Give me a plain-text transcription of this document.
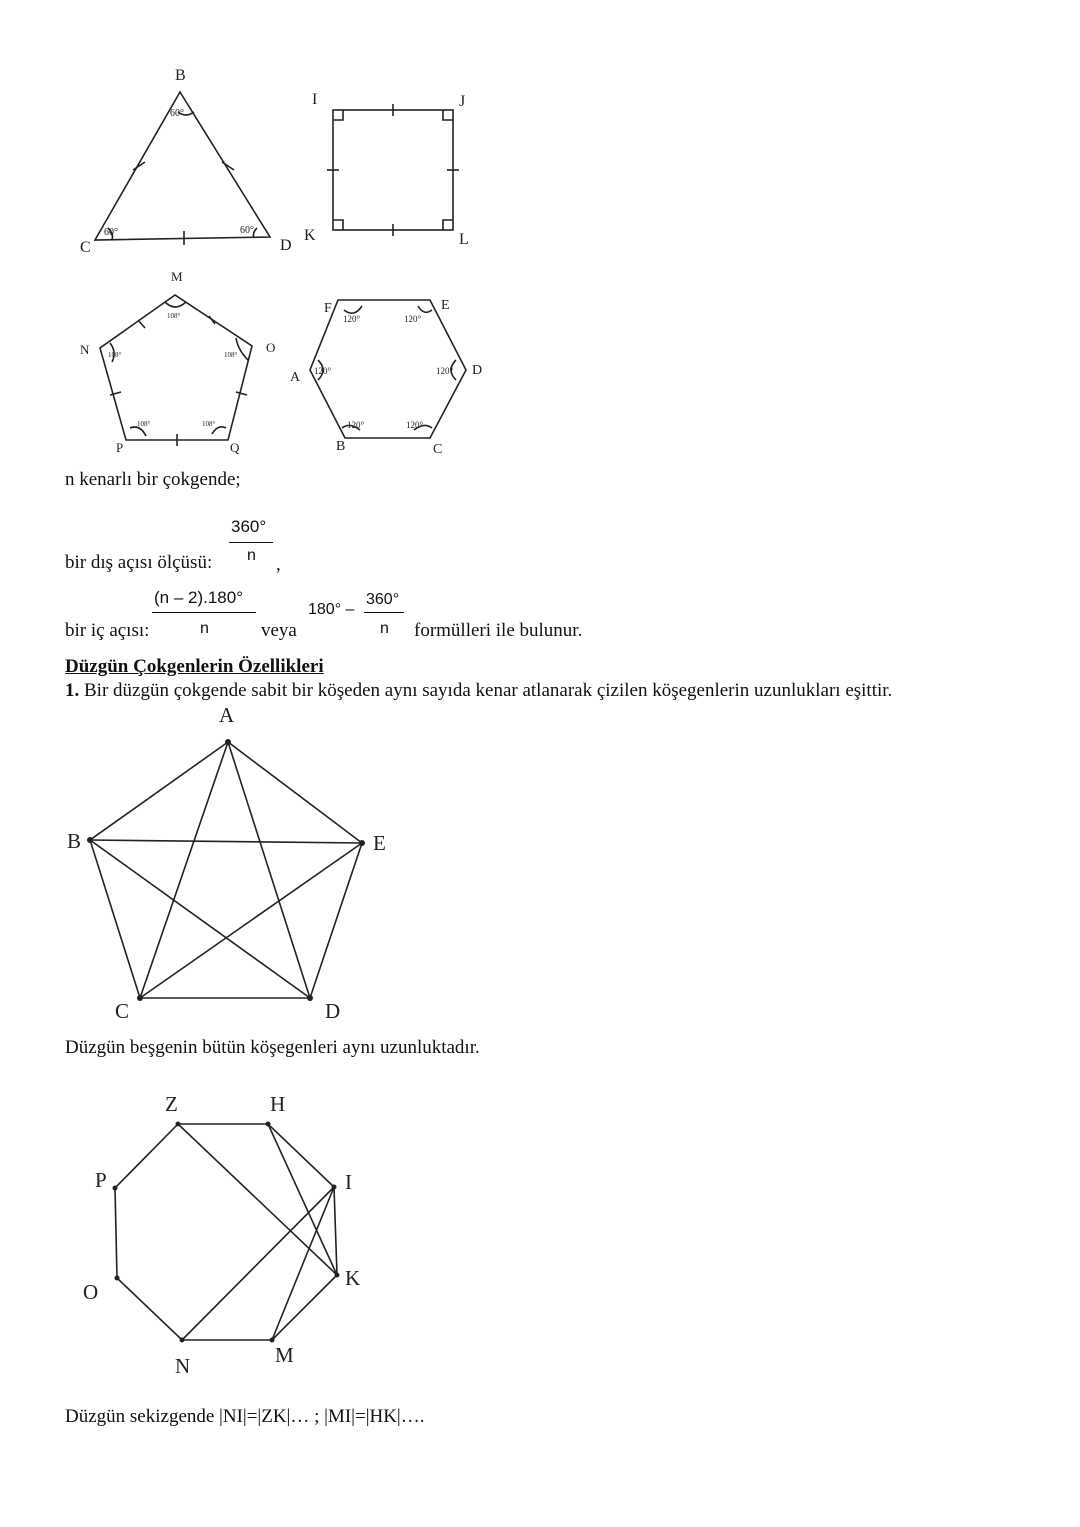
B
C	D
60°
60°	60°
I	J
K	L
M
N	O
P	Q
108°
108°	108°
108°	108°
A
B	C
D
E
F
120°
120°	120°
120°
120°
120°
A
B
C	D
E
Z	H
I
K
M
N
O
P
n kenarlı bir çokgende;
360°
bir dış açısı ölçüsü: n ,
(n – 2).180°
bir iç açısı:	n	veya
180° –
360°
n formülleri ile bulunur.
Düzgün Çokgenlerin Özellikleri
1. Bir düzgün çokgende sabit bir köşeden aynı sayıda kenar atlanarak çizilen köşegenlerin uzunlukları eşittir.
Düzgün beşgenin bütün köşegenleri aynı uzunluktadır.
Düzgün sekizgende |NI|=|ZK|… ; |MI|=|HK|….
